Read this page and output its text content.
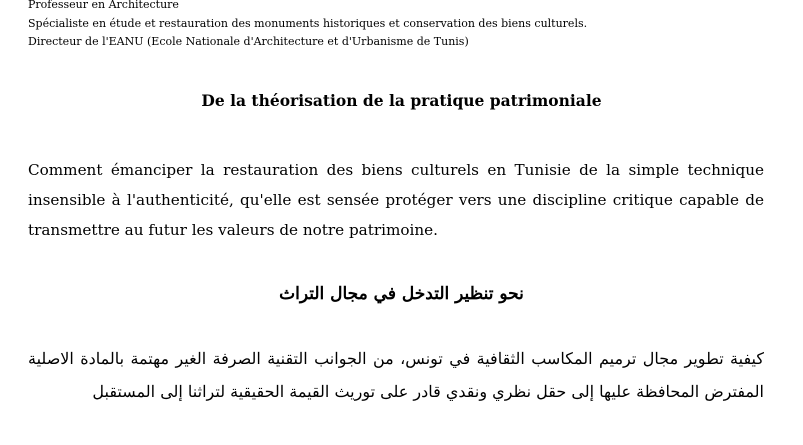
Professeur en Architecture
Spécialiste en étude et restauration des monuments historiques et conservation des biens culturels.
Directeur de l'EANU (Ecole Nationale d'Architecture et d'Urbanisme de Tunis)
De la théorisation de la pratique patrimoniale
Comment émanciper la restauration des biens culturels en Tunisie de la simple technique insensible à l'authenticité, qu'elle est sensée protéger vers une discipline critique capable de transmettre au futur les valeurs de notre patrimoine.
نحو تنظير التدخل في مجال التراث
كيفية تطوير مجال ترميم المكاسب الثقافية في تونس، من الجوانب التقنية الصرفة الغير مهتمة بالمادة الاصلية المفترض المحافظة عليها إلى حقل نظري ونقدي قادر على توريث القيمة الحقيقية لتراثنا إلى المستقبل
